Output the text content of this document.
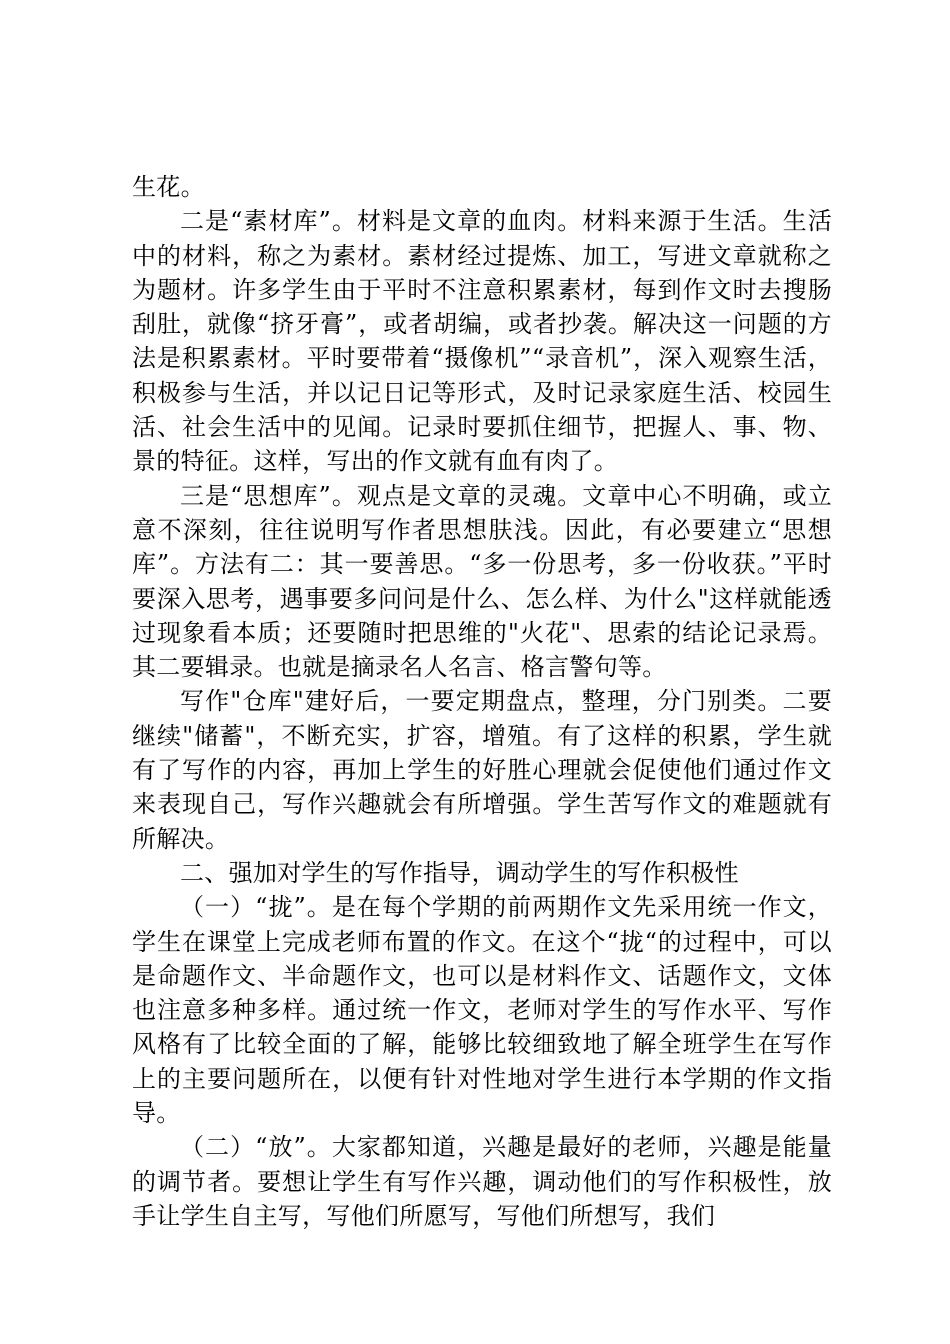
生花。

二是“素材库”。材料是文章的血肉。材料来源于生活。生活中的材料，称之为素材。素材经过提炼、加工，写进文章就称之为题材。许多学生由于平时不注意积累素材，每到作文时去搜肠刮肚，就像“挤牙膏”，或者胡编，或者抄袭。解决这一问题的方法是积累素材。平时要带着“摄像机”“录音机”，深入观察生活，积极参与生活，并以记日记等形式，及时记录家庭生活、校园生活、社会生活中的见闻。记录时要抓住细节，把握人、事、物、景的特征。这样，写出的作文就有血有肉了。

三是“思想库”。观点是文章的灵魂。文章中心不明确，或立意不深刻，往往说明写作者思想肤浅。因此，有必要建立“思想库”。方法有二：其一要善思。“多一份思考，多一份收获。”平时要深入思考，遇事要多问问是什么、怎么样、为什么"这样就能透过现象看本质；还要随时把思维的"火花"、思索的结论记录焉。其二要辑录。也就是摘录名人名言、格言警句等。

写作"仓库"建好后，一要定期盘点，整理，分门别类。二要继续"储蓄"，不断充实，扩容，增殖。有了这样的积累，学生就有了写作的内容，再加上学生的好胜心理就会促使他们通过作文来表现自己，写作兴趣就会有所增强。学生苦写作文的难题就有所解决。

二、强加对学生的写作指导，调动学生的写作积极性

（一）“拢”。是在每个学期的前两期作文先采用统一作文，学生在课堂上完成老师布置的作文。在这个“拢“的过程中，可以是命题作文、半命题作文，也可以是材料作文、话题作文，文体也注意多种多样。通过统一作文，老师对学生的写作水平、写作风格有了比较全面的了解，能够比较细致地了解全班学生在写作上的主要问题所在，以便有针对性地对学生进行本学期的作文指导。

（二）“放”。大家都知道，兴趣是最好的老师，兴趣是能量的调节者。要想让学生有写作兴趣，调动他们的写作积极性，放手让学生自主写，写他们所愿写，写他们所想写，我们
